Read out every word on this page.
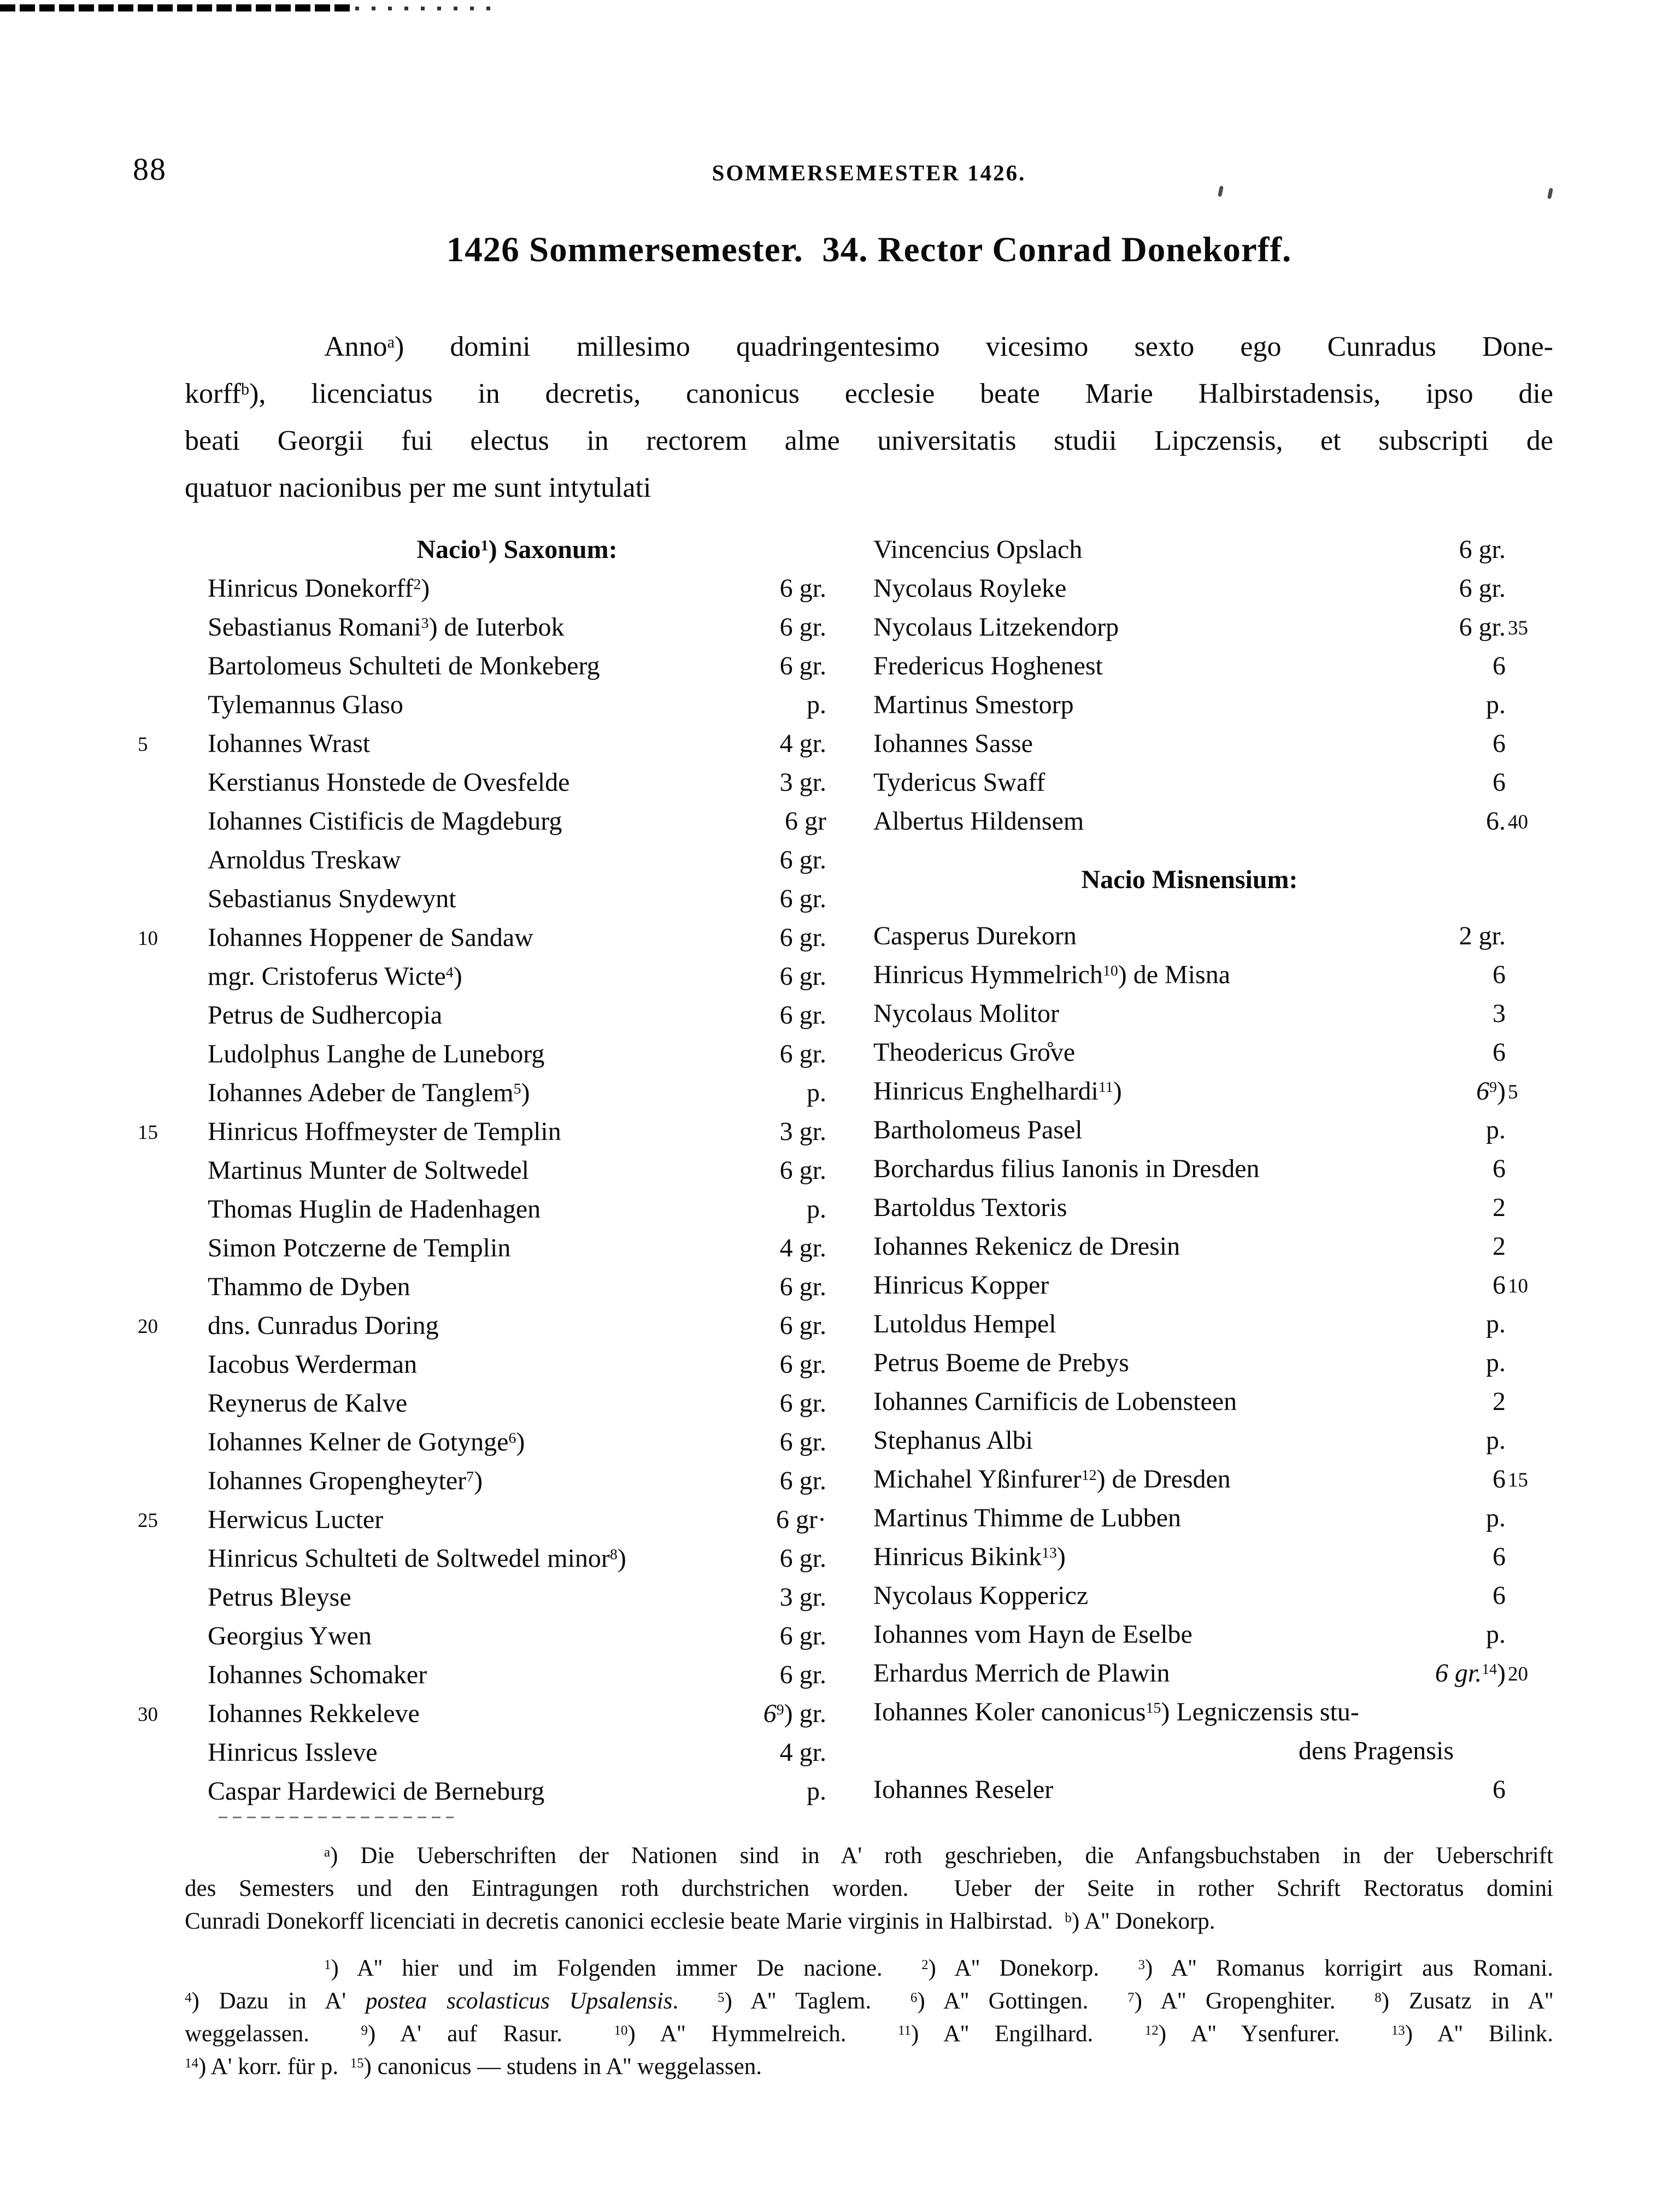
88	SOMMERSEMESTER 1426.
1426 Sommersemester.  34. Rector Conrad Donekorff.
Anno$^a$) domini millesimo quadringentesimo vicesimo sexto ego Cunradus Done-
korff$^b$), licenciatus in decretis, canonicus ecclesie beate Marie Halbirstadensis, ipso die
beati Georgii fui electus in rectorem alme universitatis studii Lipczensis, et subscripti de
quatuor nacionibus per me sunt intytulati
Nacio$^1$) Saxonum:
Hinricus Donekorff$^2$)	6 gr.
Sebastianus Romani$^3$) de Iuterbok	6 gr.
Bartolomeus Schulteti de Monkeberg	6 gr.
Tylemannus Glaso	p.
5	Iohannes Wrast	4 gr.
Kerstianus Honstede de Ovesfelde	3 gr.
Iohannes Cistificis de Magdeburg	6 gr
Arnoldus Treskaw	6 gr.
Sebastianus Snydewynt	6 gr.
10	Iohannes Hoppener de Sandaw	6 gr.
mgr. Cristoferus Wicte$^4$)	6 gr.
Petrus de Sudhercopia	6 gr.
Ludolphus Langhe de Luneborg	6 gr.
Iohannes Adeber de Tanglem$^5$)	p.
15	Hinricus Hoffmeyster de Templin	3 gr.
Martinus Munter de Soltwedel	6 gr.
Thomas Huglin de Hadenhagen	p.
Simon Potczerne de Templin	4 gr.
Thammo de Dyben	6 gr.
20	dns. Cunradus Doring	6 gr.
Iacobus Werderman	6 gr.
Reynerus de Kalve	6 gr.
Iohannes Kelner de Gotynge$^6$)	6 gr.
Iohannes Gropengheyter$^7$)	6 gr.
25	Herwicus Lucter	6 gr·
Hinricus Schulteti de Soltwedel minor$^8$)	6 gr.
Petrus Bleyse	3 gr.
Georgius Ywen	6 gr.
Iohannes Schomaker	6 gr.
30	Iohannes Rekkeleve	$6^9$) gr.
Hinricus Issleve	4 gr.
Caspar Hardewici de Berneburg	p.
Vincencius Opslach	6 gr.
Nycolaus Royleke	6 gr.
Nycolaus Litzekendorp	6 gr. 35
Fredericus Hoghenest	6
Martinus Smestorp	p.
Iohannes Sasse	6
Tydericus Swaff	6
Albertus Hildensem	6. 40
Nacio Misnensium:
Casperus Durekorn	2 gr.
Hinricus Hymmelrich$^{10}$) de Misna	6
Nycolaus Molitor	3
Theodericus Gro̊ve	6
Hinricus Enghelhardi$^{11}$)	$6^9$) 5
Bartholomeus Pasel	p.
Borchardus filius Ianonis in Dresden	6
Bartoldus Textoris	2
Iohannes Rekenicz de Dresin	2
Hinricus Kopper	6 10
Lutoldus Hempel	p.
Petrus Boeme de Prebys	p.
Iohannes Carnificis de Lobensteen	2
Stephanus Albi	p.
Michahel Yßinfurer$^{12}$) de Dresden	6 15
Martinus Thimme de Lubben	p.
Hinricus Bikink$^{13}$)	6
Nycolaus Koppericz	6
Iohannes vom Hayn de Eselbe	p.
Erhardus Merrich de Plawin	6 gr.$^{14}$) 20
Iohannes Koler canonicus$^{15}$) Legniczensis stu-
dens Pragensis
Iohannes Reseler	6
$^a$) Die Ueberschriften der Nationen sind in A' roth geschrieben, die Anfangsbuchstaben in der Ueberschrift
des Semesters und den Eintragungen roth durchstrichen worden.  Ueber der Seite in rother Schrift Rectoratus domini
Cunradi Donekorff licenciati in decretis canonici ecclesie beate Marie virginis in Halbirstad.  $^b$) A'' Donekorp.
$^1$) A'' hier und im Folgenden immer De nacione.  $^2$) A'' Donekorp.  $^3$) A'' Romanus korrigirt aus Romani.
$^4$) Dazu in A' postea scolasticus Upsalensis.  $^5$) A'' Taglem.  $^6$) A'' Gottingen.  $^7$) A'' Gropenghiter.  $^8$) Zusatz in A''
weggelassen.  $^9$) A' auf Rasur.  $^{10}$) A'' Hymmelreich.  $^{11}$) A'' Engilhard.  $^{12}$) A'' Ysenfurer.  $^{13}$) A'' Bilink.
$^{14}$) A' korr. für p.  $^{15}$) canonicus — studens in A'' weggelassen.
